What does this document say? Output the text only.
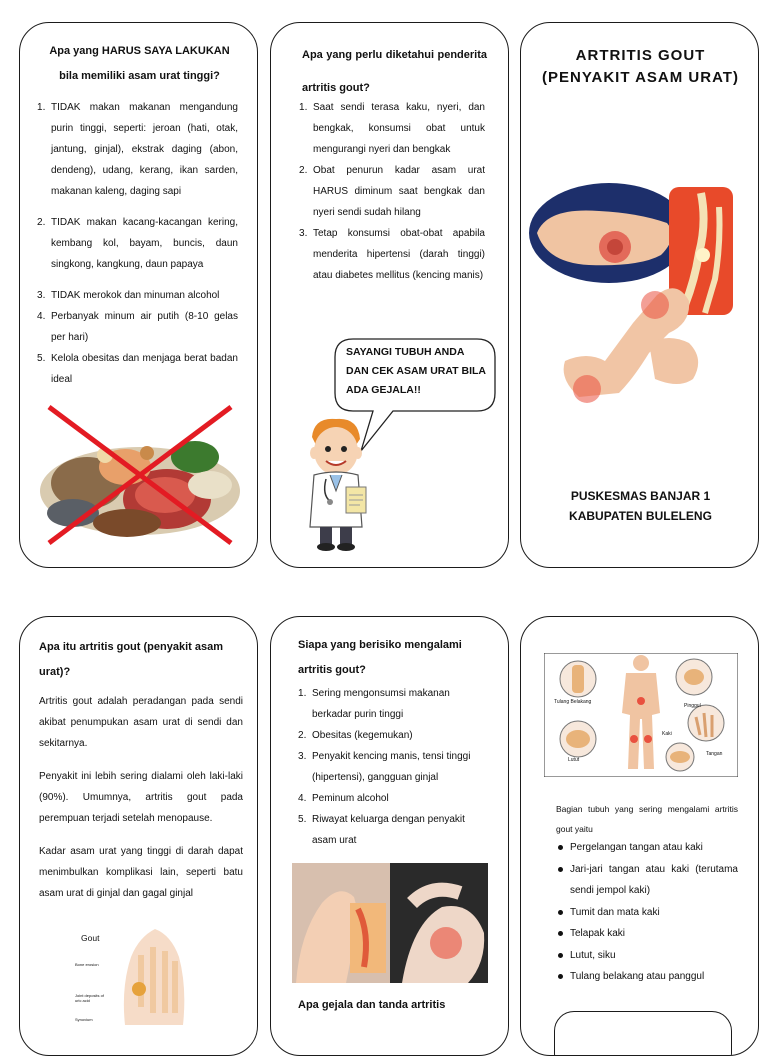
Apa yang HARUS SAYA LAKUKAN
bila memiliki asam urat tinggi?
TIDAK makan makanan mengandung purin tinggi, seperti: jeroan (hati, otak, jantung, ginjal), ekstrak daging (abon, dendeng), udang, kerang, ikan sarden, makanan kaleng, daging sapi
TIDAK makan kacang-kacangan kering, kembang kol, bayam, buncis, daun singkong, kangkung, daun papaya
TIDAK merokok dan minuman alcohol
Perbanyak minum air putih (8-10 gelas per hari)
Kelola obesitas dan menjaga berat badan ideal
Apa yang perlu diketahui penderita artritis gout?
Saat sendi terasa kaku, nyeri, dan bengkak, konsumsi obat untuk mengurangi nyeri dan bengkak
Obat penurun kadar asam urat HARUS diminum saat bengkak dan nyeri sendi sudah hilang
Tetap konsumsi obat-obat apabila menderita hipertensi (darah tinggi) atau diabetes mellitus (kencing manis)
SAYANGI TUBUH ANDA DAN CEK ASAM URAT BILA ADA GEJALA!!
ARTRITIS GOUT
(PENYAKIT ASAM URAT)
PUSKESMAS BANJAR 1
KABUPATEN BULELENG
Apa itu artritis gout (penyakit asam urat)?

Artritis gout adalah peradangan pada sendi akibat penumpukan asam urat di sendi dan sekitarnya.

Penyakit ini lebih sering dialami oleh laki-laki (90%). Umumnya, artritis gout pada perempuan terjadi setelah menopause.

Kadar asam urat yang tinggi di darah dapat menimbulkan komplikasi lain, seperti batu asam urat di ginjal dan gagal ginjal

Gout
Bone erosion
Joint deposits of uric acid
Synovium
Siapa yang berisiko mengalami artritis gout?
Sering mengonsumsi makanan berkadar purin tinggi
Obesitas (kegemukan)
Penyakit kencing manis, tensi tinggi (hipertensi), gangguan ginjal
Peminum alcohol
Riwayat keluarga dengan penyakit asam urat
Apa gejala dan tanda artritis
Tulang Belakang
Pinggul
Lutut
Kaki
Tangan
Bagian tubuh yang sering mengalami artritis gout yaitu
Pergelangan tangan atau kaki
Jari-jari tangan atau kaki (terutama sendi jempol kaki)
Tumit dan mata kaki
Telapak kaki
Lutut, siku
Tulang belakang atau panggul
